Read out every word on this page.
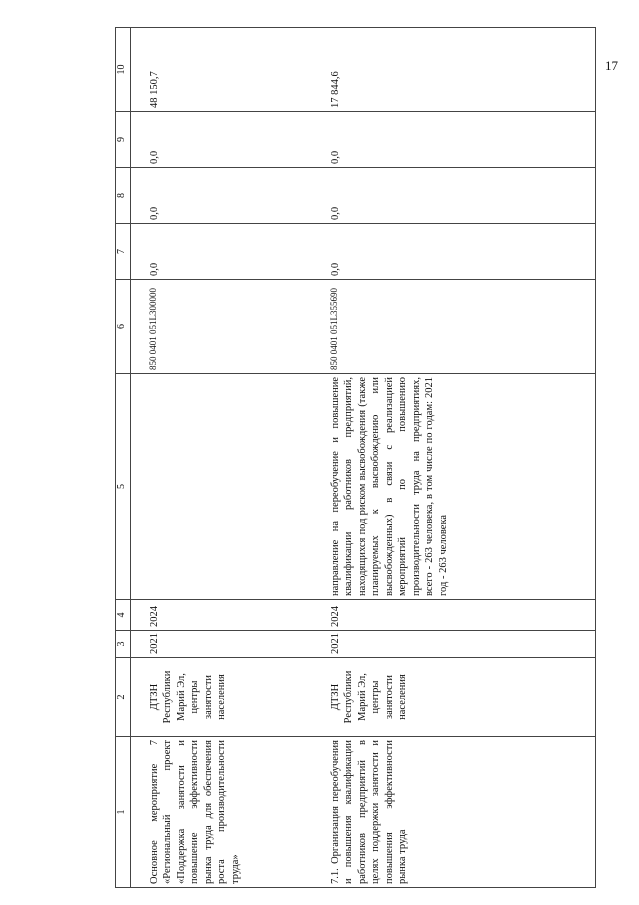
17
1	2	3	4	5	6	7	8	9	10
Основное мероприятие 7 «Региональный проект «Поддержка занятости и повышение эффективности рынка труда для обеспечения роста производительности труда»	ДТЗН Республики Марий Эл, центры занятости населения	2021	2024		850 0401 051L300000	0,0	0,0	0,0	48 150,7
7.1. Организация переобучения и повышения квалификации работников предприятий в целях поддержки занятости и повышения эффективности рынка труда	ДТЗН Республики Марий Эл, центры занятости населения	2021	2024	направление на переобучение и повышение квалификации работников предприятий, находящихся под риском высвобождения (также планируемых к высвобождению или высвобожденных) в связи с реализацией мероприятий по повышению производительности труда на предприятиях, всего - 263 человека, в том числе по годам: 2021 год - 263 человека	850 0401 051L355690	0,0	0,0	0,0	17 844,6
